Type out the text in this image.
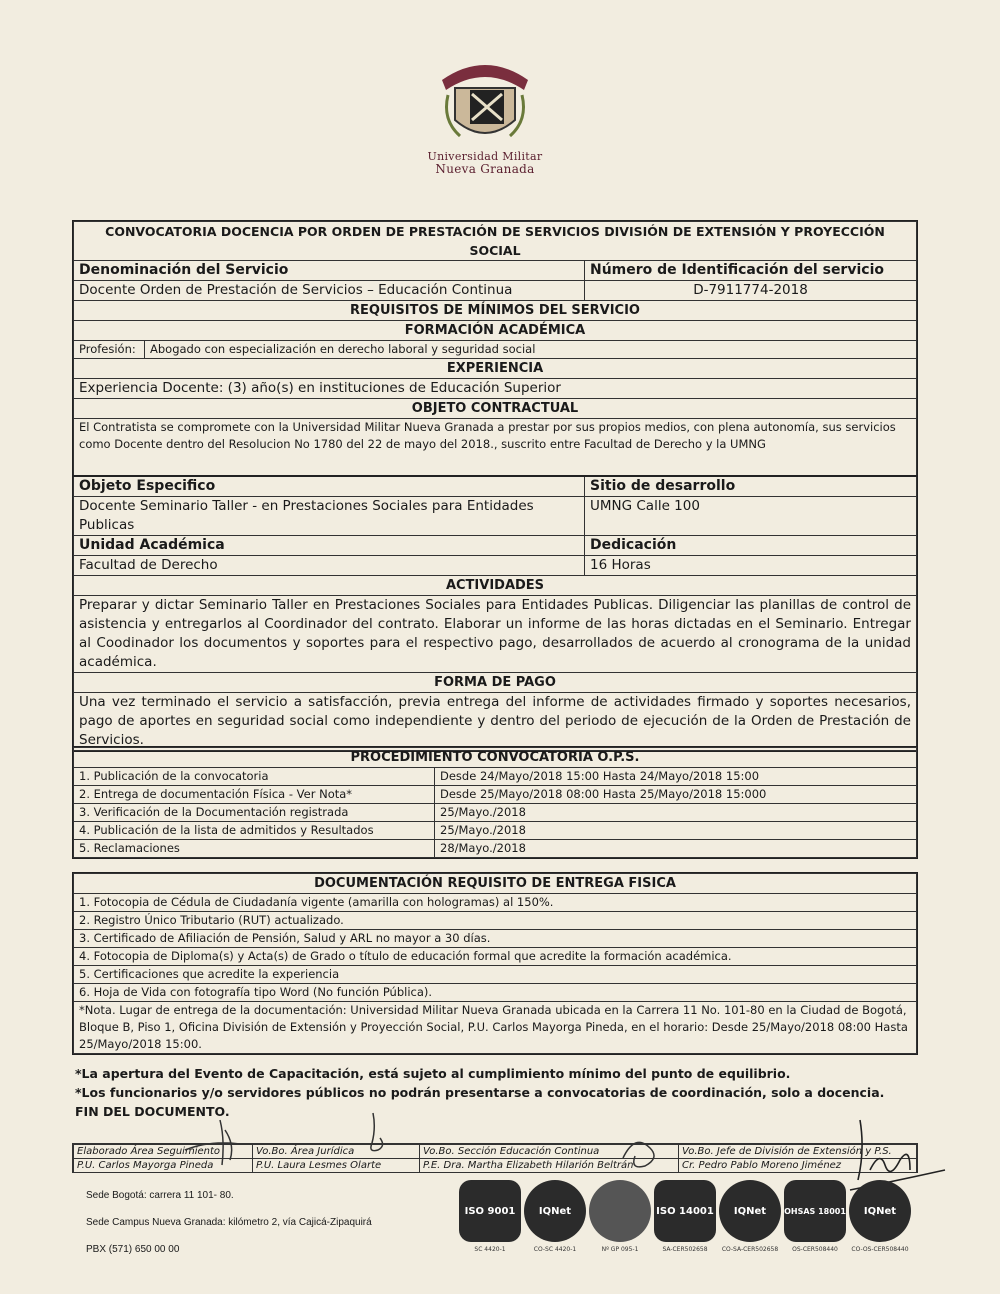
Universidad Militar
Nueva Granada
CONVOCATORIA DOCENCIA POR ORDEN DE PRESTACIÓN DE SERVICIOS DIVISIÓN DE EXTENSIÓN Y PROYECCIÓN SOCIAL
Denominación del Servicio	Número de Identificación del servicio
Docente Orden de Prestación de Servicios – Educación Continua	D-7911774-2018
REQUISITOS DE MÍNIMOS DEL SERVICIO
FORMACIÓN ACADÉMICA

Profesión:	Abogado con especialización en derecho laboral y seguridad social

EXPERIENCIA
Experiencia Docente: (3) año(s) en instituciones de Educación Superior
OBJETO CONTRACTUAL
El Contratista se compromete con la Universidad Militar Nueva Granada a prestar por sus propios medios, con plena autonomía, sus servicios como Docente dentro del Resolucion No 1780 del 22 de mayo del 2018., suscrito entre Facultad de Derecho y la UMNG
Objeto Especifico	Sitio de desarrollo
Docente Seminario Taller - en Prestaciones Sociales para Entidades Publicas	UMNG Calle 100
Unidad Académica	Dedicación
Facultad de Derecho	16 Horas
ACTIVIDADES
Preparar y dictar Seminario Taller en Prestaciones Sociales para Entidades Publicas. Diligenciar las planillas de control de asistencia y entregarlos al Coordinador del contrato. Elaborar un informe de las horas dictadas en el Seminario. Entregar al Coodinador los documentos y soportes para el respectivo pago, desarrollados de acuerdo al cronograma de la unidad académica.
FORMA DE PAGO
Una vez terminado el servicio a satisfacción, previa entrega del informe de actividades firmado y soportes necesarios, pago de aportes en seguridad social como independiente y dentro del periodo de ejecución de la Orden de Prestación de Servicios.
PROCEDIMIENTO CONVOCATORIA O.P.S.	
1. Publicación de la convocatoria	Desde 24/Mayo/2018 15:00 Hasta 24/Mayo/2018 15:00
2. Entrega de documentación Física - Ver Nota*	Desde 25/Mayo/2018 08:00 Hasta 25/Mayo/2018 15:000
3. Verificación de la Documentación registrada	25/Mayo./2018
4. Publicación de la lista de admitidos y Resultados	25/Mayo./2018
5. Reclamaciones	28/Mayo./2018
DOCUMENTACIÓN REQUISITO DE ENTREGA FISICA
1. Fotocopia de Cédula de Ciudadanía vigente (amarilla con hologramas) al 150%.
2. Registro Único Tributario (RUT) actualizado.
3. Certificado de Afiliación de Pensión, Salud y ARL no mayor a 30 días.
4. Fotocopia de Diploma(s) y Acta(s) de Grado o título de educación formal que acredite la formación académica.
5. Certificaciones que acredite la experiencia
6. Hoja de Vida con fotografía tipo Word (No función Pública).
*Nota. Lugar de entrega de la documentación: Universidad Militar Nueva Granada ubicada en la Carrera 11 No. 101-80 en la Ciudad de Bogotá, Bloque B, Piso 1, Oficina División de Extensión y Proyección Social, P.U. Carlos Mayorga Pineda, en el horario: Desde 25/Mayo/2018 08:00 Hasta 25/Mayo/2018 15:00.
*La apertura del Evento de Capacitación, está sujeto al cumplimiento mínimo del punto de equilibrio.
*Los funcionarios y/o servidores públicos no podrán presentarse a convocatorias de coordinación, solo a docencia.
FIN DEL DOCUMENTO.
Elaborado Área Seguimiento	Vo.Bo. Área Jurídica	Vo.Bo. Sección Educación Continua	Vo.Bo. Jefe de División de Extensión y P.S.
P.U. Carlos Mayorga Pineda	P.U. Laura Lesmes Olarte	P.E. Dra. Martha Elizabeth Hilarión Beltrán	Cr. Pedro Pablo Moreno Jiménez
Sede Bogotá: carrera 11 101- 80.
Sede Campus Nueva Granada: kilómetro 2, vía Cajicá-Zipaquirá
PBX (571) 650 00 00
ISO 9001
SC 4420-1
IQNet
CO-SC 4420-1	Nº GP 095-1
ISO 14001
SA-CER502658
IQNet
CO-SA-CER502658
OHSAS 18001
OS-CER508440
IQNet
CO-OS-CER508440
